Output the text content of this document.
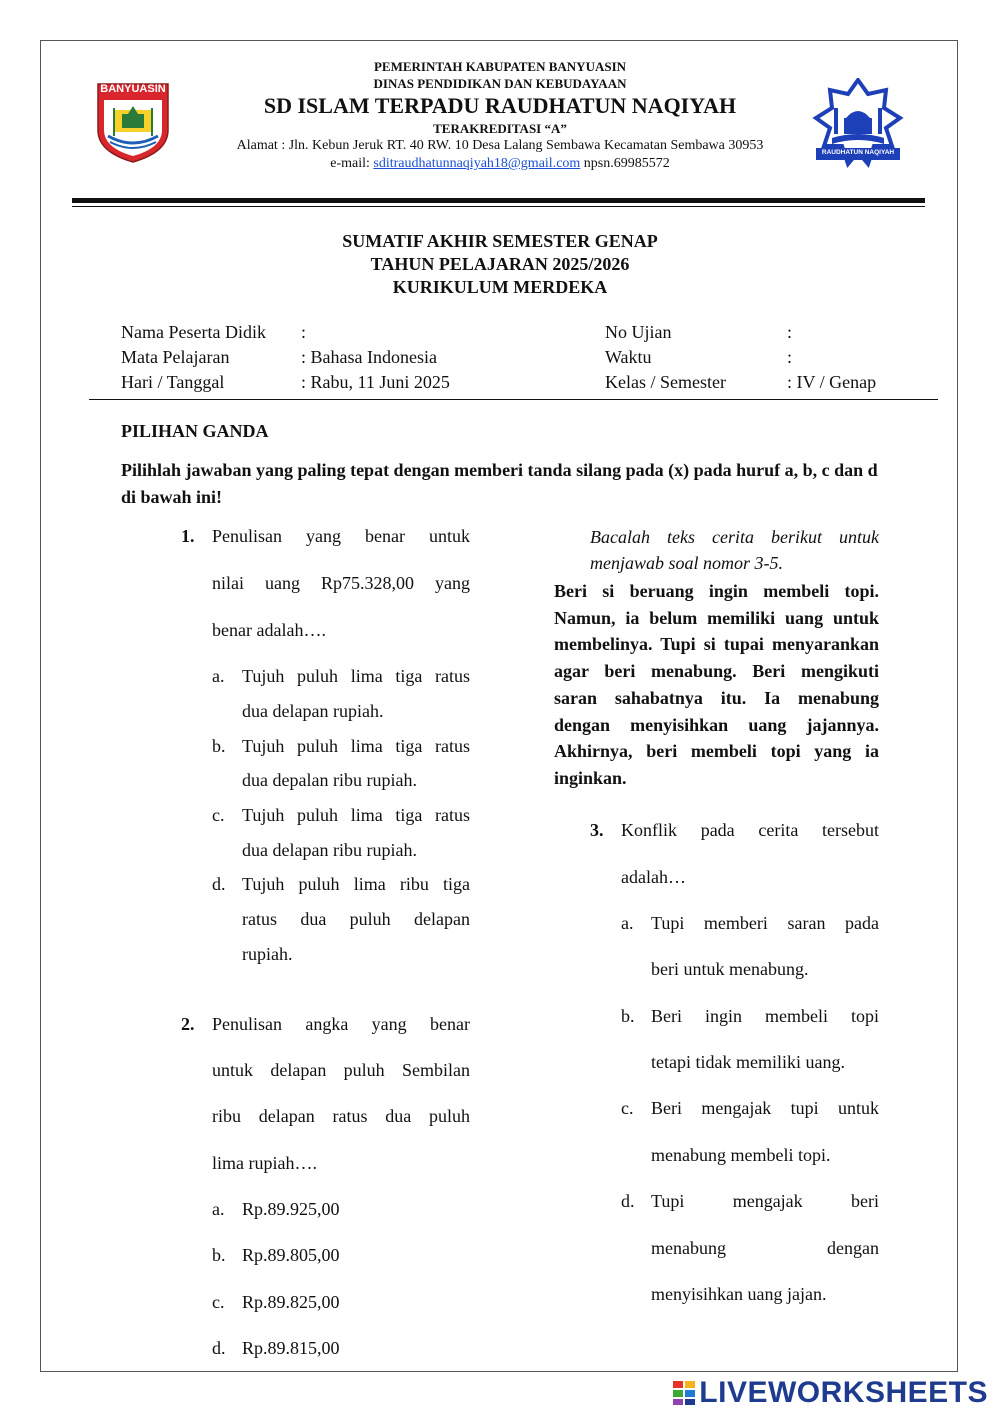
BANYUASIN
RAUDHATUN NAQIYAH
PEMERINTAH KABUPATEN BANYUASIN
DINAS PENDIDIKAN DAN KEBUDAYAAN
SD ISLAM TERPADU RAUDHATUN NAQIYAH
TERAKREDITASI “A”
Alamat : Jln. Kebun Jeruk RT. 40 RW. 10 Desa Lalang Sembawa Kecamatan Sembawa 30953
e-mail: sditraudhatunnaqiyah18@gmail.com npsn.69985572
SUMATIF AKHIR SEMESTER GENAP
TAHUN PELAJARAN 2025/2026
KURIKULUM MERDEKA
Nama Peserta Didik :
Mata Pelajaran	: Bahasa Indonesia
Hari / Tanggal	: Rabu, 11 Juni 2025
No Ujian	:
Waktu	:
Kelas / Semester	: IV / Genap
PILIHAN GANDA
Pilihlah jawaban yang paling tepat dengan memberi tanda silang pada (x) pada huruf a, b, c dan d di bawah ini!
1. Penulisan yang benar untuk
nilai uang Rp75.328,00 yang
benar adalah….
a. Tujuh puluh lima tiga ratus
dua delapan rupiah.
b. Tujuh puluh lima tiga ratus
dua depalan ribu rupiah.
c. Tujuh puluh lima tiga ratus
dua delapan ribu rupiah.
d. Tujuh puluh lima ribu tiga
ratus dua puluh delapan
rupiah.
2. Penulisan angka yang benar
untuk delapan puluh Sembilan
ribu delapan ratus dua puluh
lima rupiah….
a. Rp.89.925,00
b. Rp.89.805,00
c. Rp.89.825,00
d. Rp.89.815,00
Bacalah teks cerita berikut untuk
menjawab soal nomor 3-5.
Beri si beruang ingin membeli topi. Namun, ia belum memiliki uang untuk membelinya. Tupi si tupai menyarankan agar beri menabung. Beri mengikuti saran sahabatnya itu. Ia menabung dengan menyisihkan uang jajannya. Akhirnya, beri membeli topi yang ia inginkan.
3. Konflik pada cerita tersebut
adalah…
a. Tupi memberi saran pada
beri untuk menabung.
b. Beri ingin membeli topi
tetapi tidak memiliki uang.
c. Beri mengajak tupi untuk
menabung membeli topi.
d. Tupi mengajak beri
menabung dengan
menyisihkan uang jajan.
LIVEWORKSHEETS
